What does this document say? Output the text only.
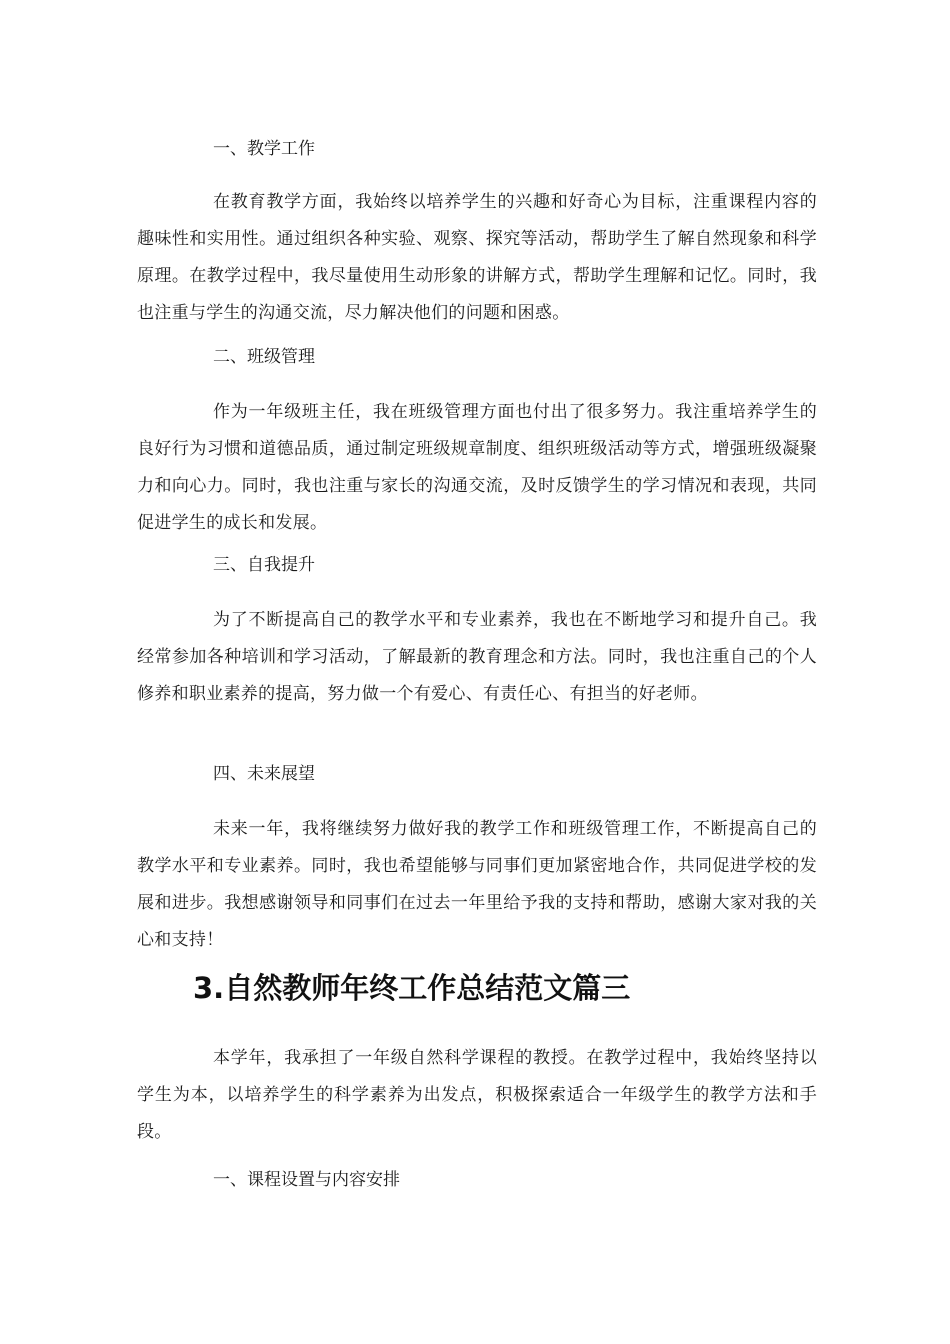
一、教学工作

在教育教学方面，我始终以培养学生的兴趣和好奇心为目标，注重课程内容的趣味性和实用性。通过组织各种实验、观察、探究等活动，帮助学生了解自然现象和科学原理。在教学过程中，我尽量使用生动形象的讲解方式，帮助学生理解和记忆。同时，我也注重与学生的沟通交流，尽力解决他们的问题和困惑。

二、班级管理

作为一年级班主任，我在班级管理方面也付出了很多努力。我注重培养学生的良好行为习惯和道德品质，通过制定班级规章制度、组织班级活动等方式，增强班级凝聚力和向心力。同时，我也注重与家长的沟通交流，及时反馈学生的学习情况和表现，共同促进学生的成长和发展。

三、自我提升

为了不断提高自己的教学水平和专业素养，我也在不断地学习和提升自己。我经常参加各种培训和学习活动，了解最新的教育理念和方法。同时，我也注重自己的个人修养和职业素养的提高，努力做一个有爱心、有责任心、有担当的好老师。

四、未来展望

未来一年，我将继续努力做好我的教学工作和班级管理工作，不断提高自己的教学水平和专业素养。同时，我也希望能够与同事们更加紧密地合作，共同促进学校的发展和进步。我想感谢领导和同事们在过去一年里给予我的支持和帮助，感谢大家对我的关心和支持！

3.自然教师年终工作总结范文篇三

本学年，我承担了一年级自然科学课程的教授。在教学过程中，我始终坚持以学生为本，以培养学生的科学素养为出发点，积极探索适合一年级学生的教学方法和手段。

一、课程设置与内容安排
